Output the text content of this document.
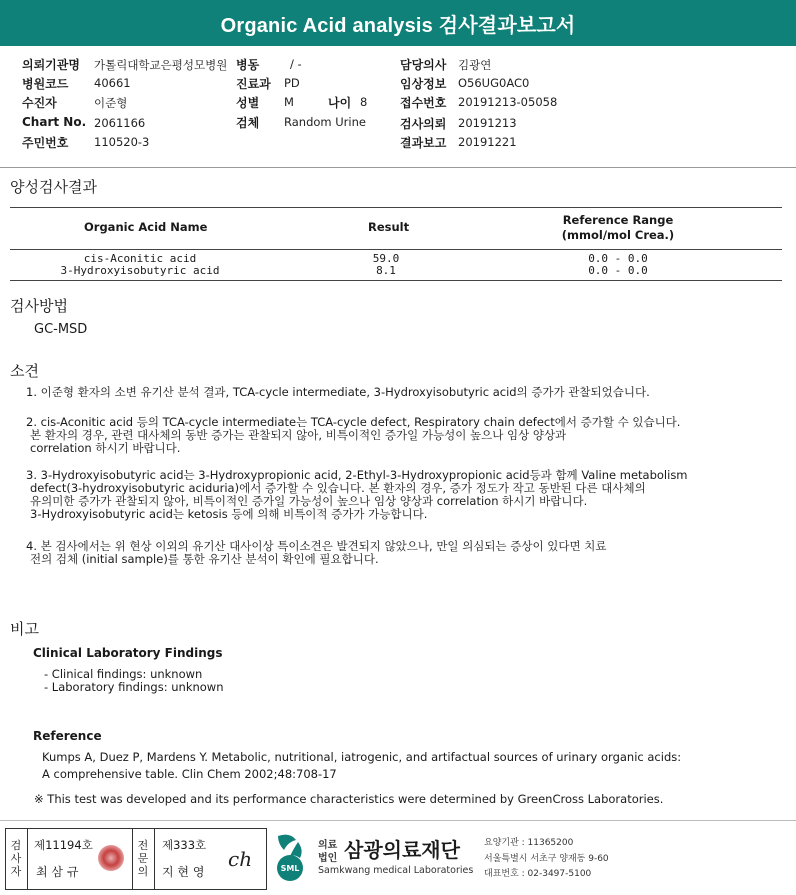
Organic Acid analysis 검사결과보고서
의뢰기관명 가톨릭대학교은평성모병원 병동	/ -	담당의사 김광연
병원코드 40661	진료과 PD	임상정보 O56UG0AC0
수진자	이준형	성별 M	나이 8	접수번호 20191213-05058
Chart No. 2061166	검체 Random Urine	검사의뢰 20191213
주민번호 110520-3	결과보고 20191221
양성검사결과
Organic Acid Name	Result	Reference Range
(mmol/mol Crea.)
cis-Aconitic acid	59.0	0.0 - 0.0
3-Hydroxyisobutyric acid	8.1	0.0 - 0.0
검사방법
GC-MSD
소견
1. 이준형 환자의 소변 유기산 분석 결과, TCA-cycle intermediate, 3-Hydroxyisobutyric acid의 증가가 관찰되었습니다.
2. cis-Aconitic acid 등의 TCA-cycle intermediate는 TCA-cycle defect, Respiratory chain defect에서 증가할 수 있습니다.
본 환자의 경우, 관련 대사체의 동반 증가는 관찰되지 않아, 비특이적인 증가일 가능성이 높으나 임상 양상과
correlation 하시기 바랍니다.
3. 3-Hydroxyisobutyric acid는 3-Hydroxypropionic acid, 2-Ethyl-3-Hydroxypropionic acid등과 함께 Valine metabolism
defect(3-hydroxyisobutyric aciduria)에서 증가할 수 있습니다. 본 환자의 경우, 증가 정도가 작고 동반된 다른 대사체의
유의미한 증가가 관찰되지 않아, 비특이적인 증가일 가능성이 높으나 임상 양상과 correlation 하시기 바랍니다.
3-Hydroxyisobutyric acid는 ketosis 등에 의해 비특이적 증가가 가능합니다.
4. 본 검사에서는 위 현상 이외의 유기산 대사이상 특이소견은 발견되지 않았으나, 만일 의심되는 증상이 있다면 치료
전의 검체 (initial sample)를 통한 유기산 분석이 확인에 필요합니다.
비고
Clinical Laboratory Findings
- Clinical findings: unknown
- Laboratory findings: unknown
Reference
Kumps A, Duez P, Mardens Y. Metabolic, nutritional, iatrogenic, and artifactual sources of urinary organic acids:
A comprehensive table. Clin Chem 2002;48:708-17
※ This test was developed and its performance characteristics were determined by GreenCross Laboratories.
검
사
자
제11194호
최 삼 규
전
문
의
제333호
지 현 영
ch	SML
의료
법인 삼광의료재단
Samkwang medical Laboratories
요양기관 : 11365200
서울특별시 서초구 양재동 9-60
대표번호 : 02-3497-5100
